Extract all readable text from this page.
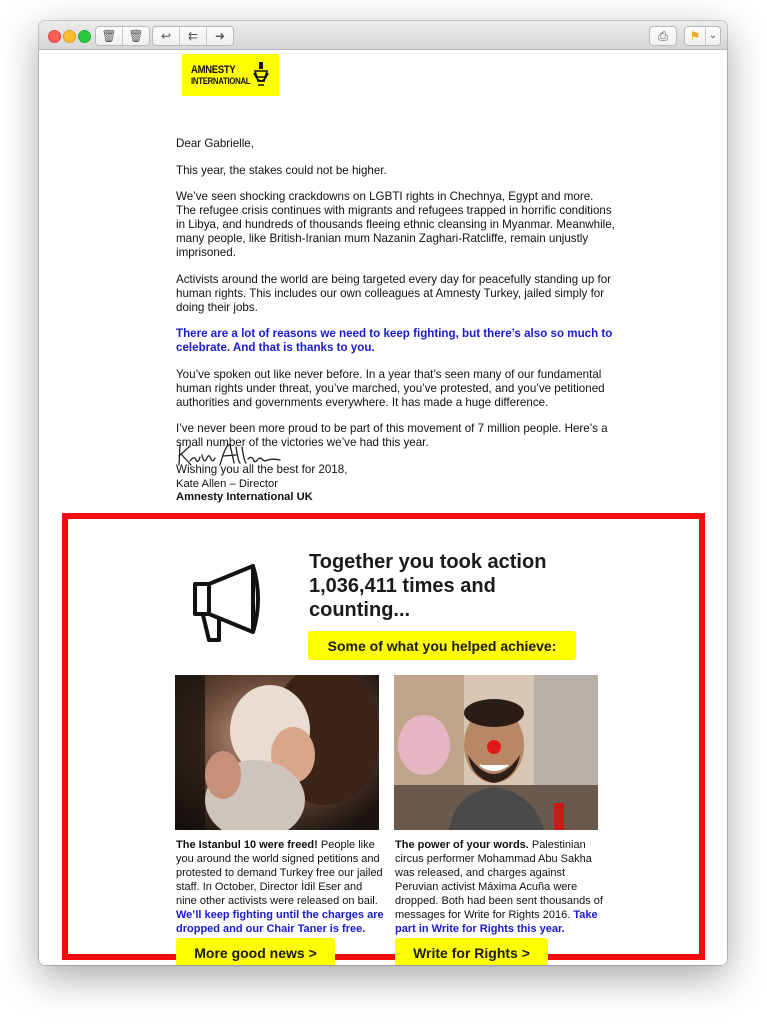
🗑 🗑	↩	⇇	➜	⎙	⚑ ⌄
AMNESTY
INTERNATIONAL

Dear Gabrielle,

This year, the stakes could not be higher.

We’ve seen shocking crackdowns on LGBTI rights in Chechnya, Egypt and more. The refugee crisis continues with migrants and refugees trapped in horrific conditions in Libya, and hundreds of thousands fleeing ethnic cleansing in Myanmar. Meanwhile, many people, like British-Iranian mum Nazanin Zaghari-Ratcliffe, remain unjustly imprisoned.

Activists around the world are being targeted every day for peacefully standing up for human rights. This includes our own colleagues at Amnesty Turkey, jailed simply for doing their jobs.

There are a lot of reasons we need to keep fighting, but there’s also so much to celebrate. And that is thanks to you.

You’ve spoken out like never before. In a year that’s seen many of our fundamental human rights under threat, you’ve marched, you’ve protested, and you’ve petitioned authorities and governments everywhere. It has made a huge difference.

I’ve never been more proud to be part of this movement of 7 million people. Here’s a small number of the victories we’ve had this year.

Wishing you all the best for 2018,

Kate Allen – Director
Amnesty International UK
Together you took action 1,036,411 times and counting...
Some of what you helped achieve:
The Istanbul 10 were freed! People like you around the world signed petitions and protested to demand Turkey free our jailed staff. In October, Director İdil Eser and nine other activists were released on bail. We’ll keep fighting until the charges are dropped and our Chair Taner is free.
The power of your words. Palestinian circus performer Mohammad Abu Sakha was released, and charges against Peruvian activist Máxima Acuña were dropped. Both had been sent thousands of messages for Write for Rights 2016. Take part in Write for Rights this year.
More good news >	Write for Rights >
